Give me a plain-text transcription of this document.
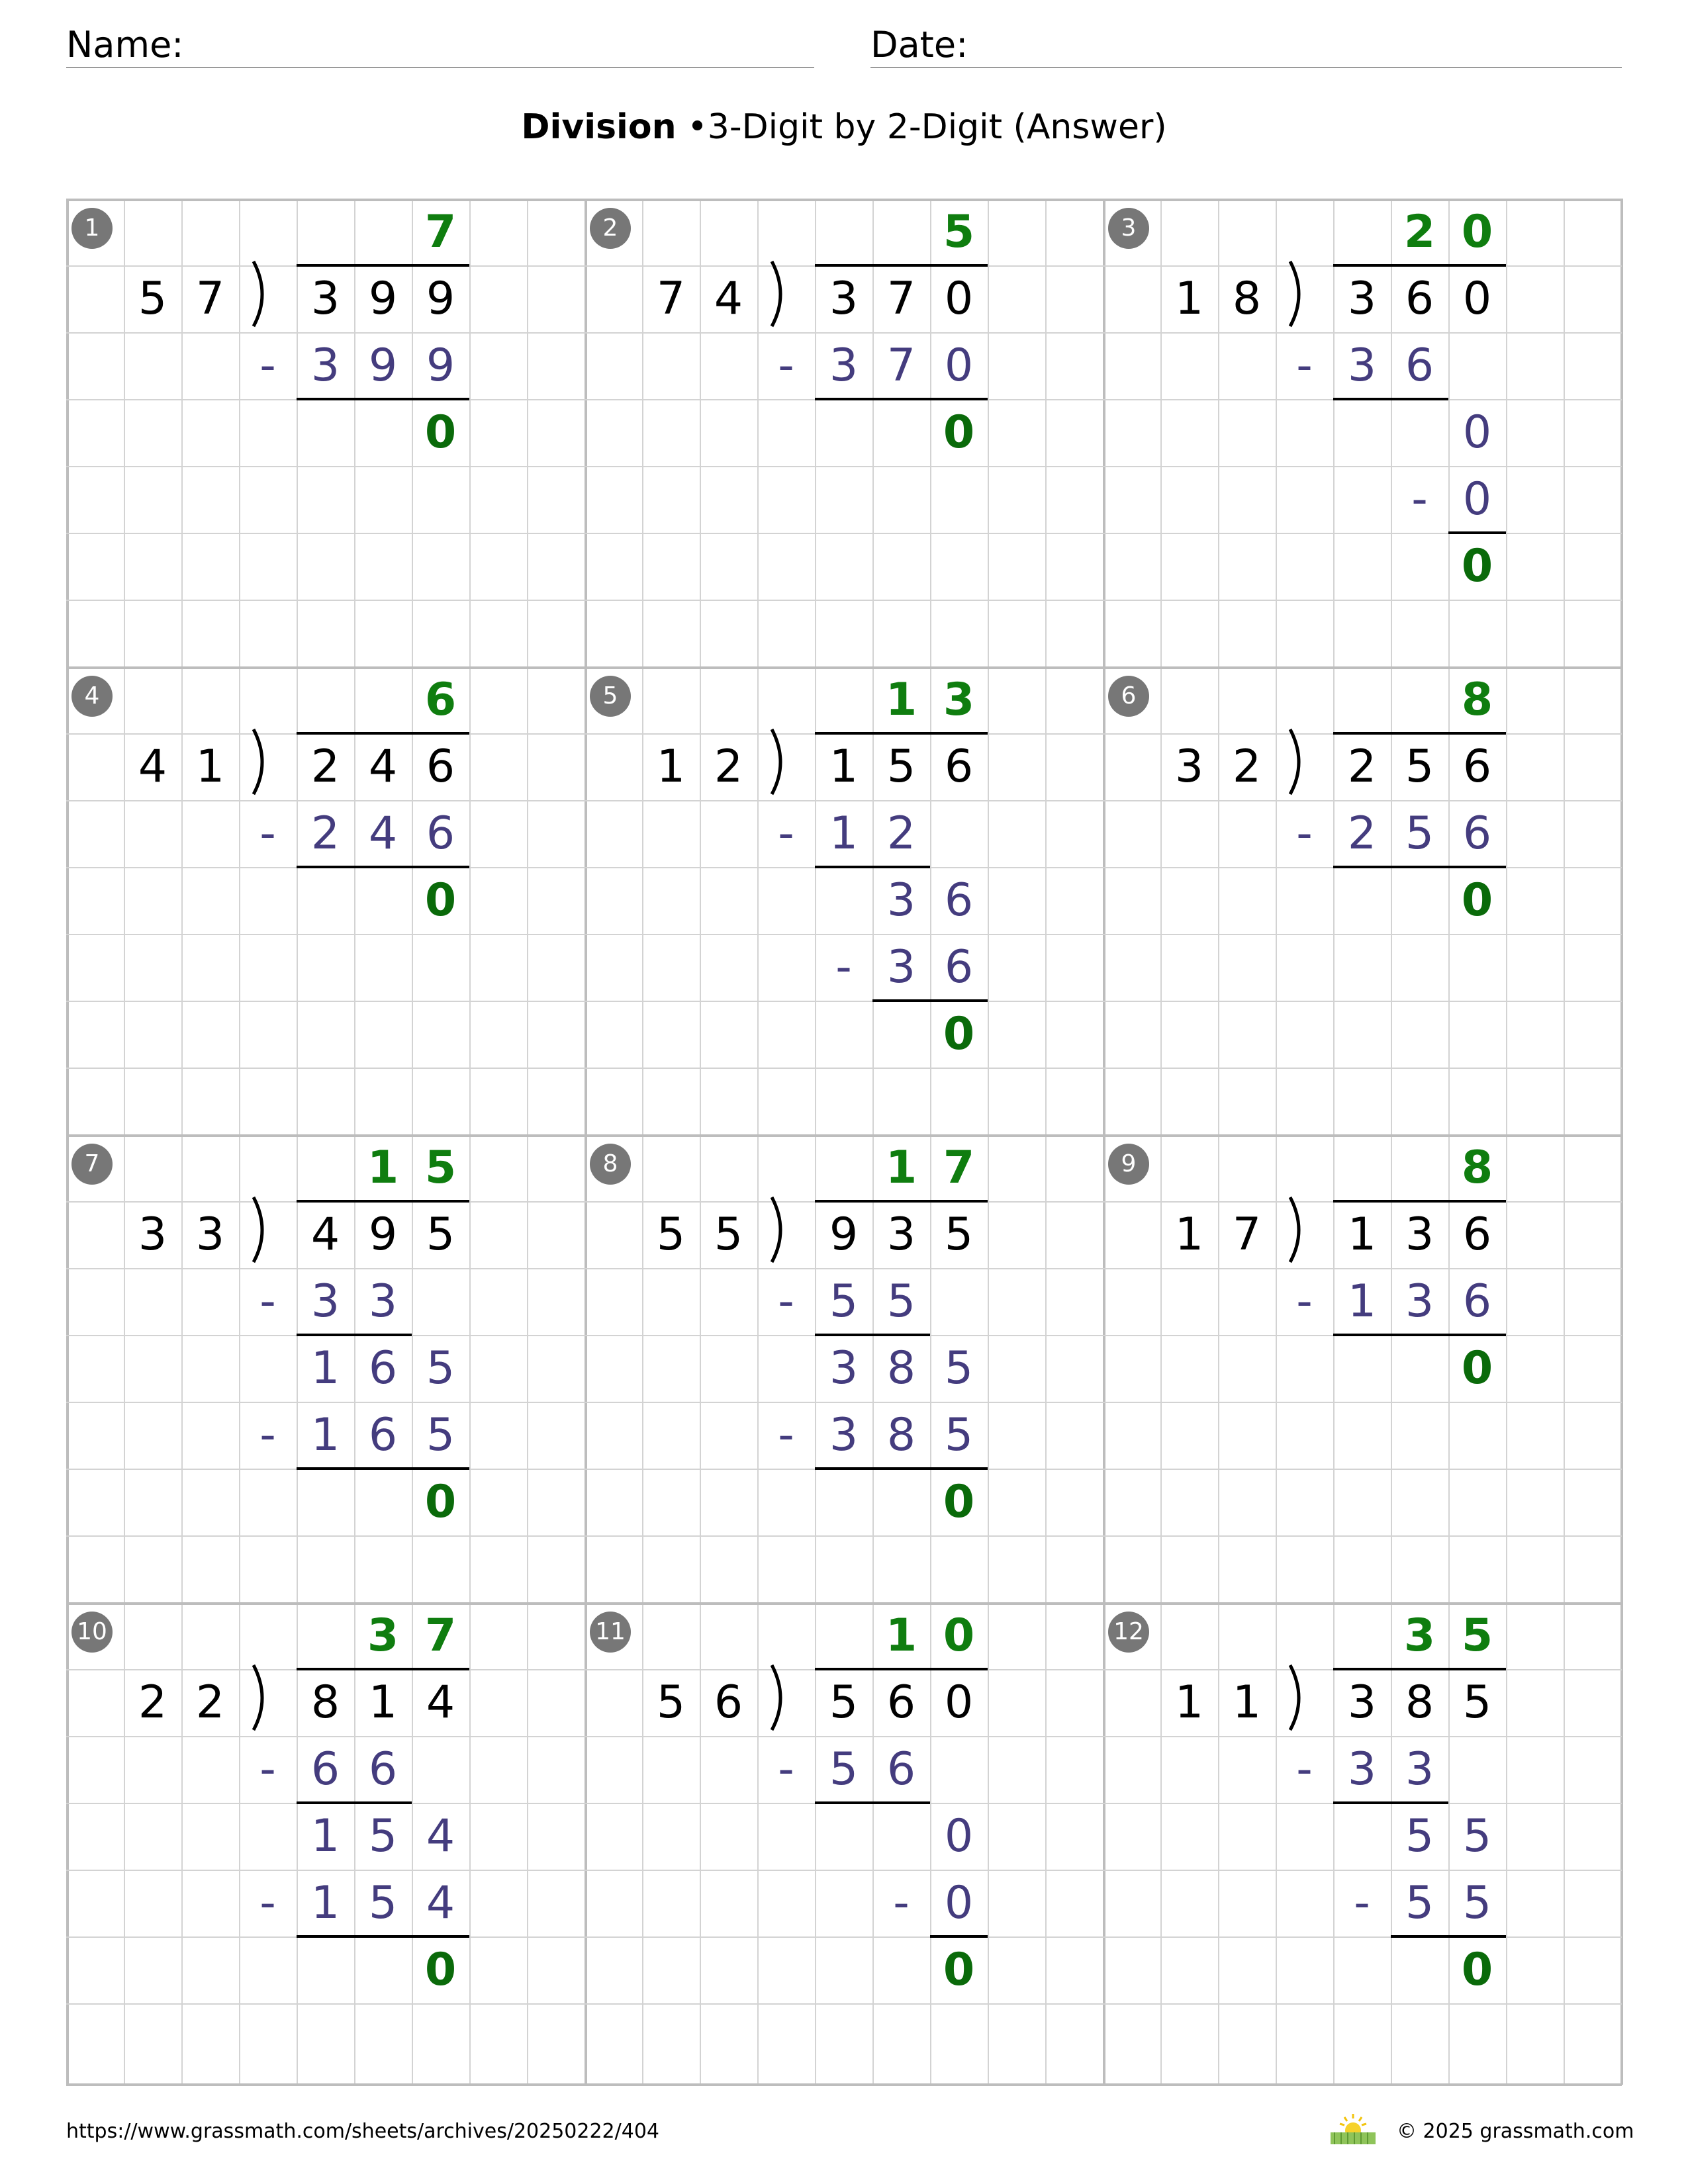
Name:	Date:
Division •3-Digit by 2-Digit (Answer)
1
5 7	3 9 9
7
- 3 9 9
0
2
7 4	3 7 0
5
- 3 7 0
0
3
1 8	3 6 0
2 0
- 3 6
0
- 0
0
4
4 1	2 4 6
6
- 2 4 6
0
5
1 2	1 5 6
1 3
- 1 2
3 6
- 3 6
0
6
3 2	2 5 6
8
- 2 5 6
0
7
3 3	4 9 5
1 5
- 3 3
1 6 5
- 1 6 5
0
8
5 5	9 3 5
1 7
- 5 5
3 8 5
- 3 8 5
0
9
1 7	1 3 6
8
- 1 3 6
0
10
2 2	8 1 4
3 7
- 6 6
1 5 4
- 1 5 4
0
11
5 6	5 6 0
1 0
- 5 6
0
- 0
0
12
1 1	3 8 5
3 5
- 3 3
5 5
- 5 5
0
https://www.grassmath.com/sheets/archives/20250222/404	© 2025 grassmath.com
